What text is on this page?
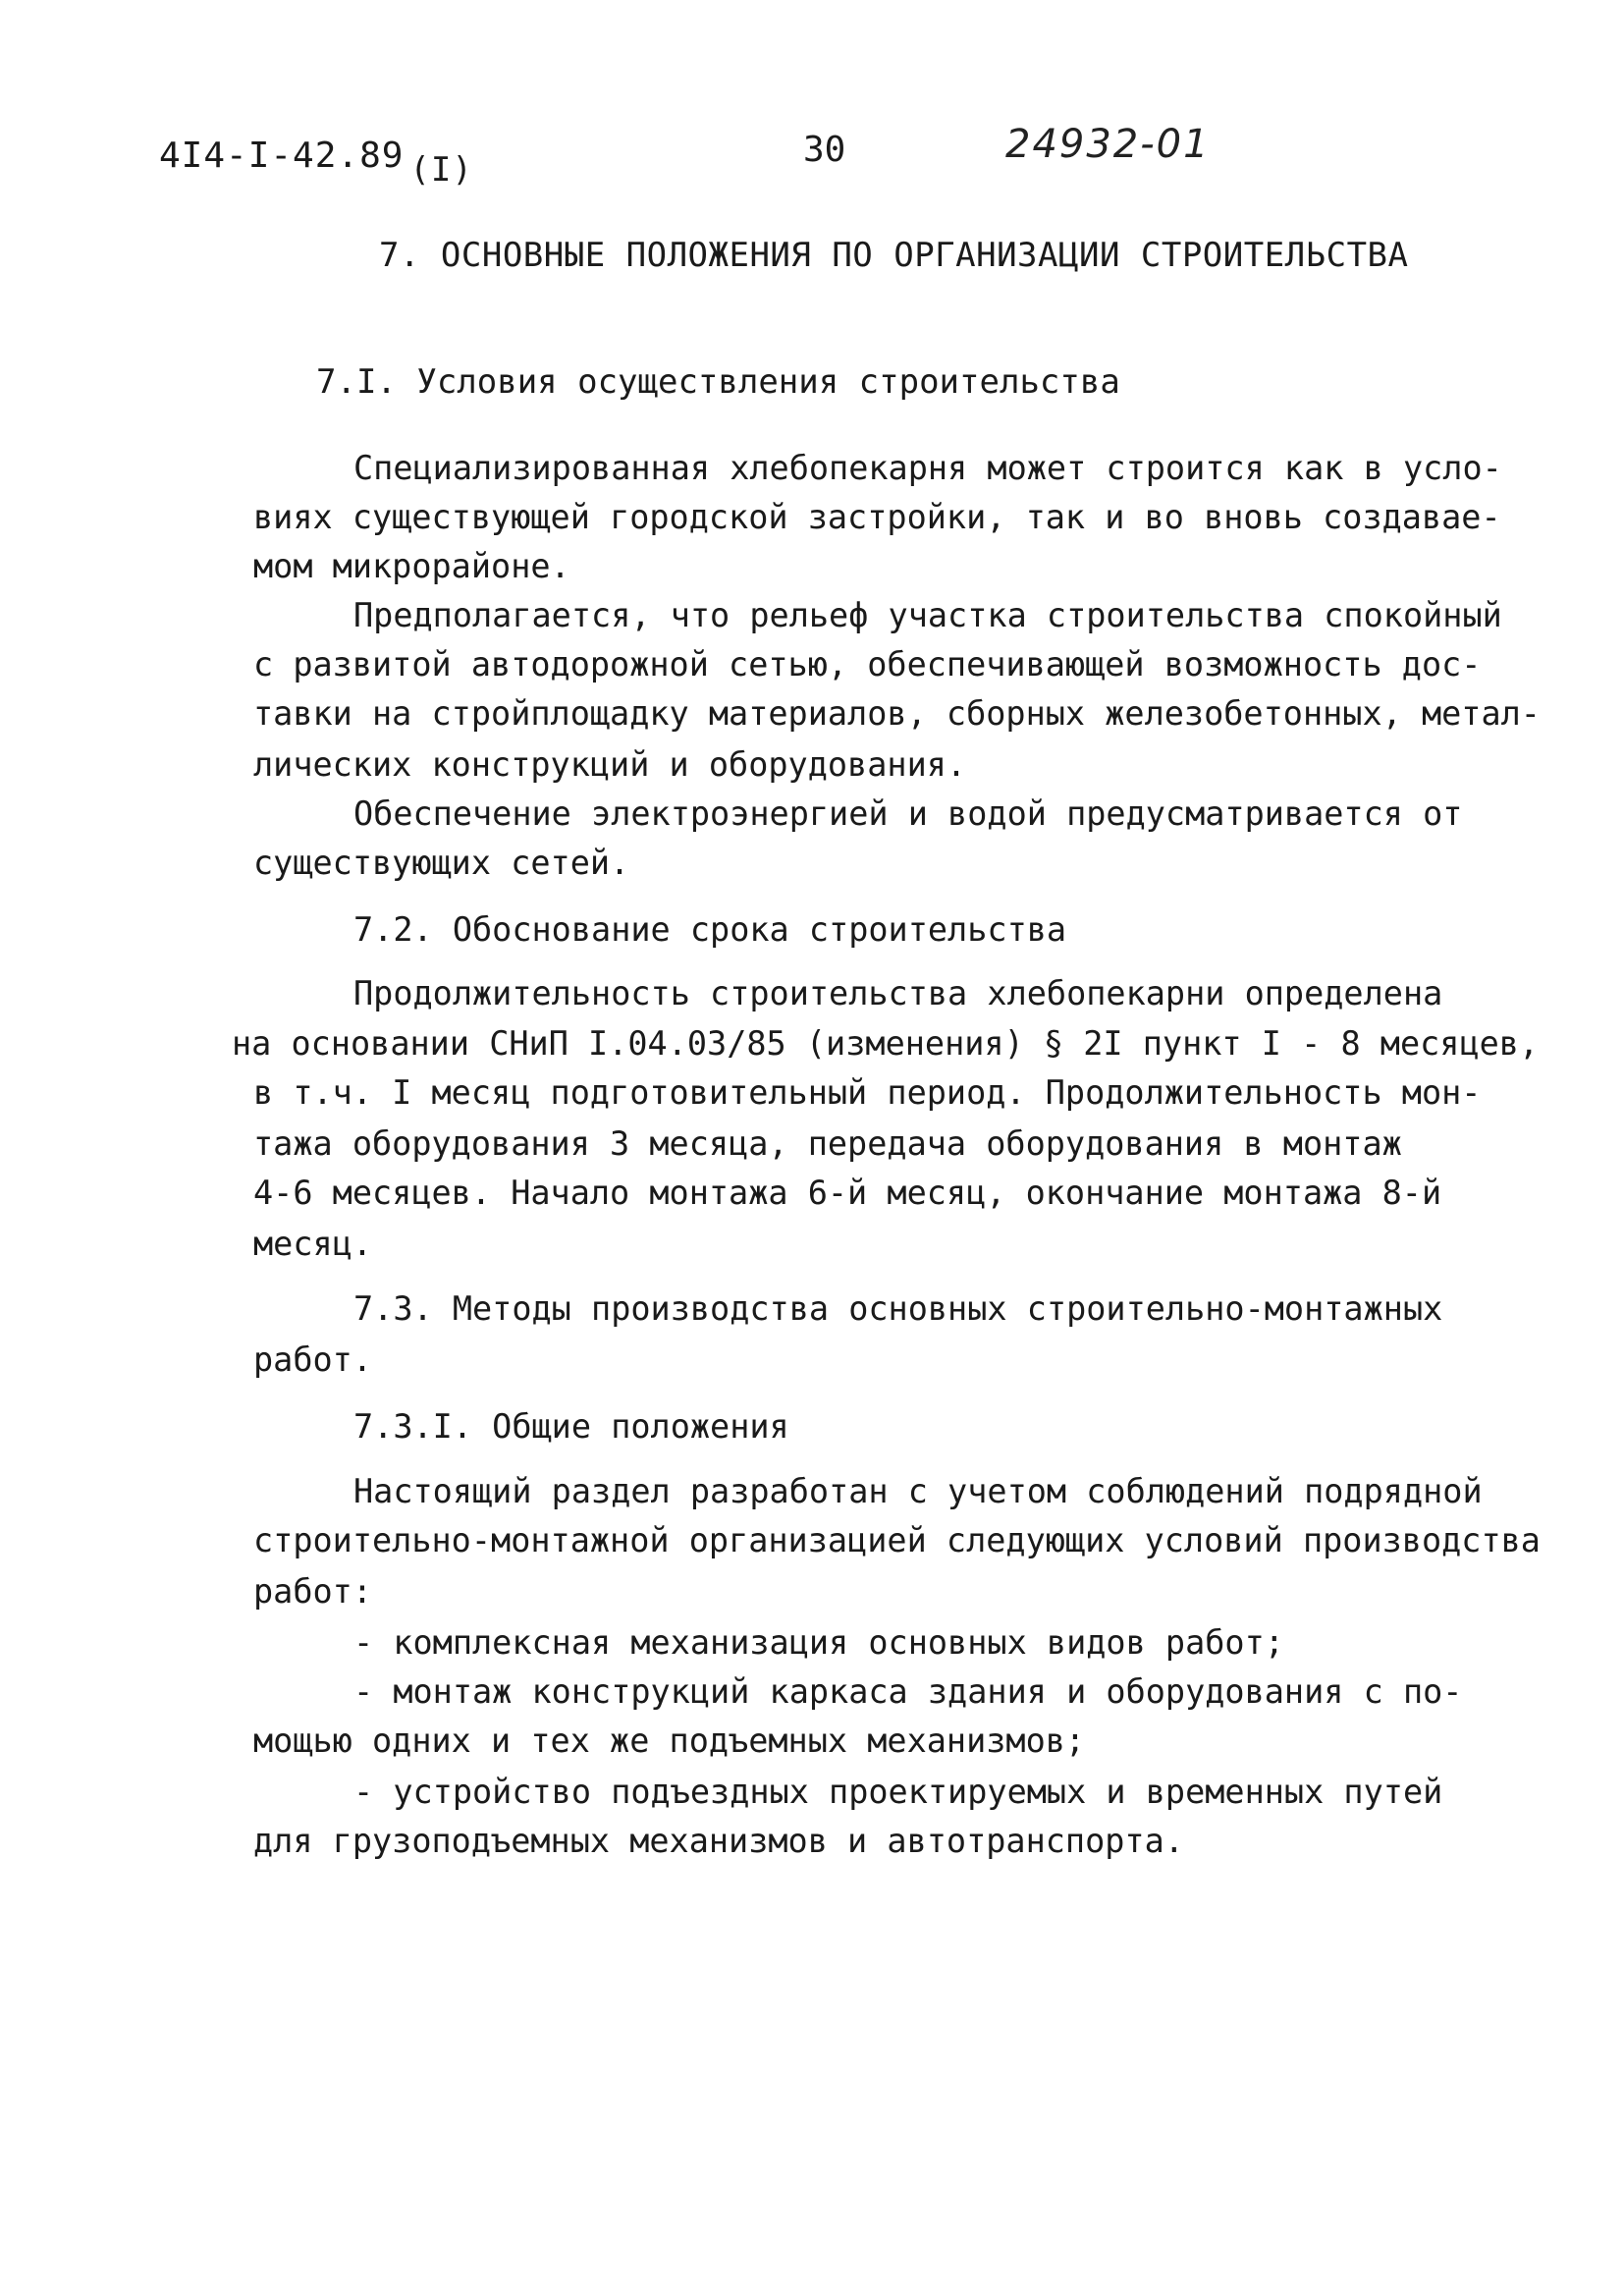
4I4-I-42.89 (I)	30	24932-01
7. ОСНОВНЫЕ ПОЛОЖЕНИЯ ПО ОРГАНИЗАЦИИ СТРОИТЕЛЬСТВА
7.I. Условия осуществления строительства
Специализированная хлебопекарня может строится как в усло-
виях существующей городской застройки, так и во вновь создавае-
мом микрорайоне.
Предполагается, что рельеф участка строительства спокойный
с развитой автодорожной сетью, обеспечивающей возможность дос-
тавки на стройплощадку материалов, сборных железобетонных, метал-
лических конструкций и оборудования.
Обеспечение электроэнергией и водой предусматривается от
существующих сетей.
7.2. Обоснование срока строительства
Продолжительность строительства хлебопекарни определена
на основании СНиП I.04.03/85 (изменения) § 2I пункт I - 8 месяцев,
в т.ч. I месяц подготовительный период. Продолжительность мон-
тажа оборудования 3 месяца, передача оборудования в монтаж
4-6 месяцев. Начало монтажа 6-й месяц, окончание монтажа 8-й
месяц.
7.3. Методы производства основных строительно-монтажных
работ.
7.3.I. Общие положения
Настоящий раздел разработан с учетом соблюдений подрядной
строительно-монтажной организацией следующих условий производства
работ:
- комплексная механизация основных видов работ;
- монтаж конструкций каркаса здания и оборудования с по-
мощью одних и тех же подъемных механизмов;
- устройство подъездных проектируемых и временных путей
для грузоподъемных механизмов и автотранспорта.
